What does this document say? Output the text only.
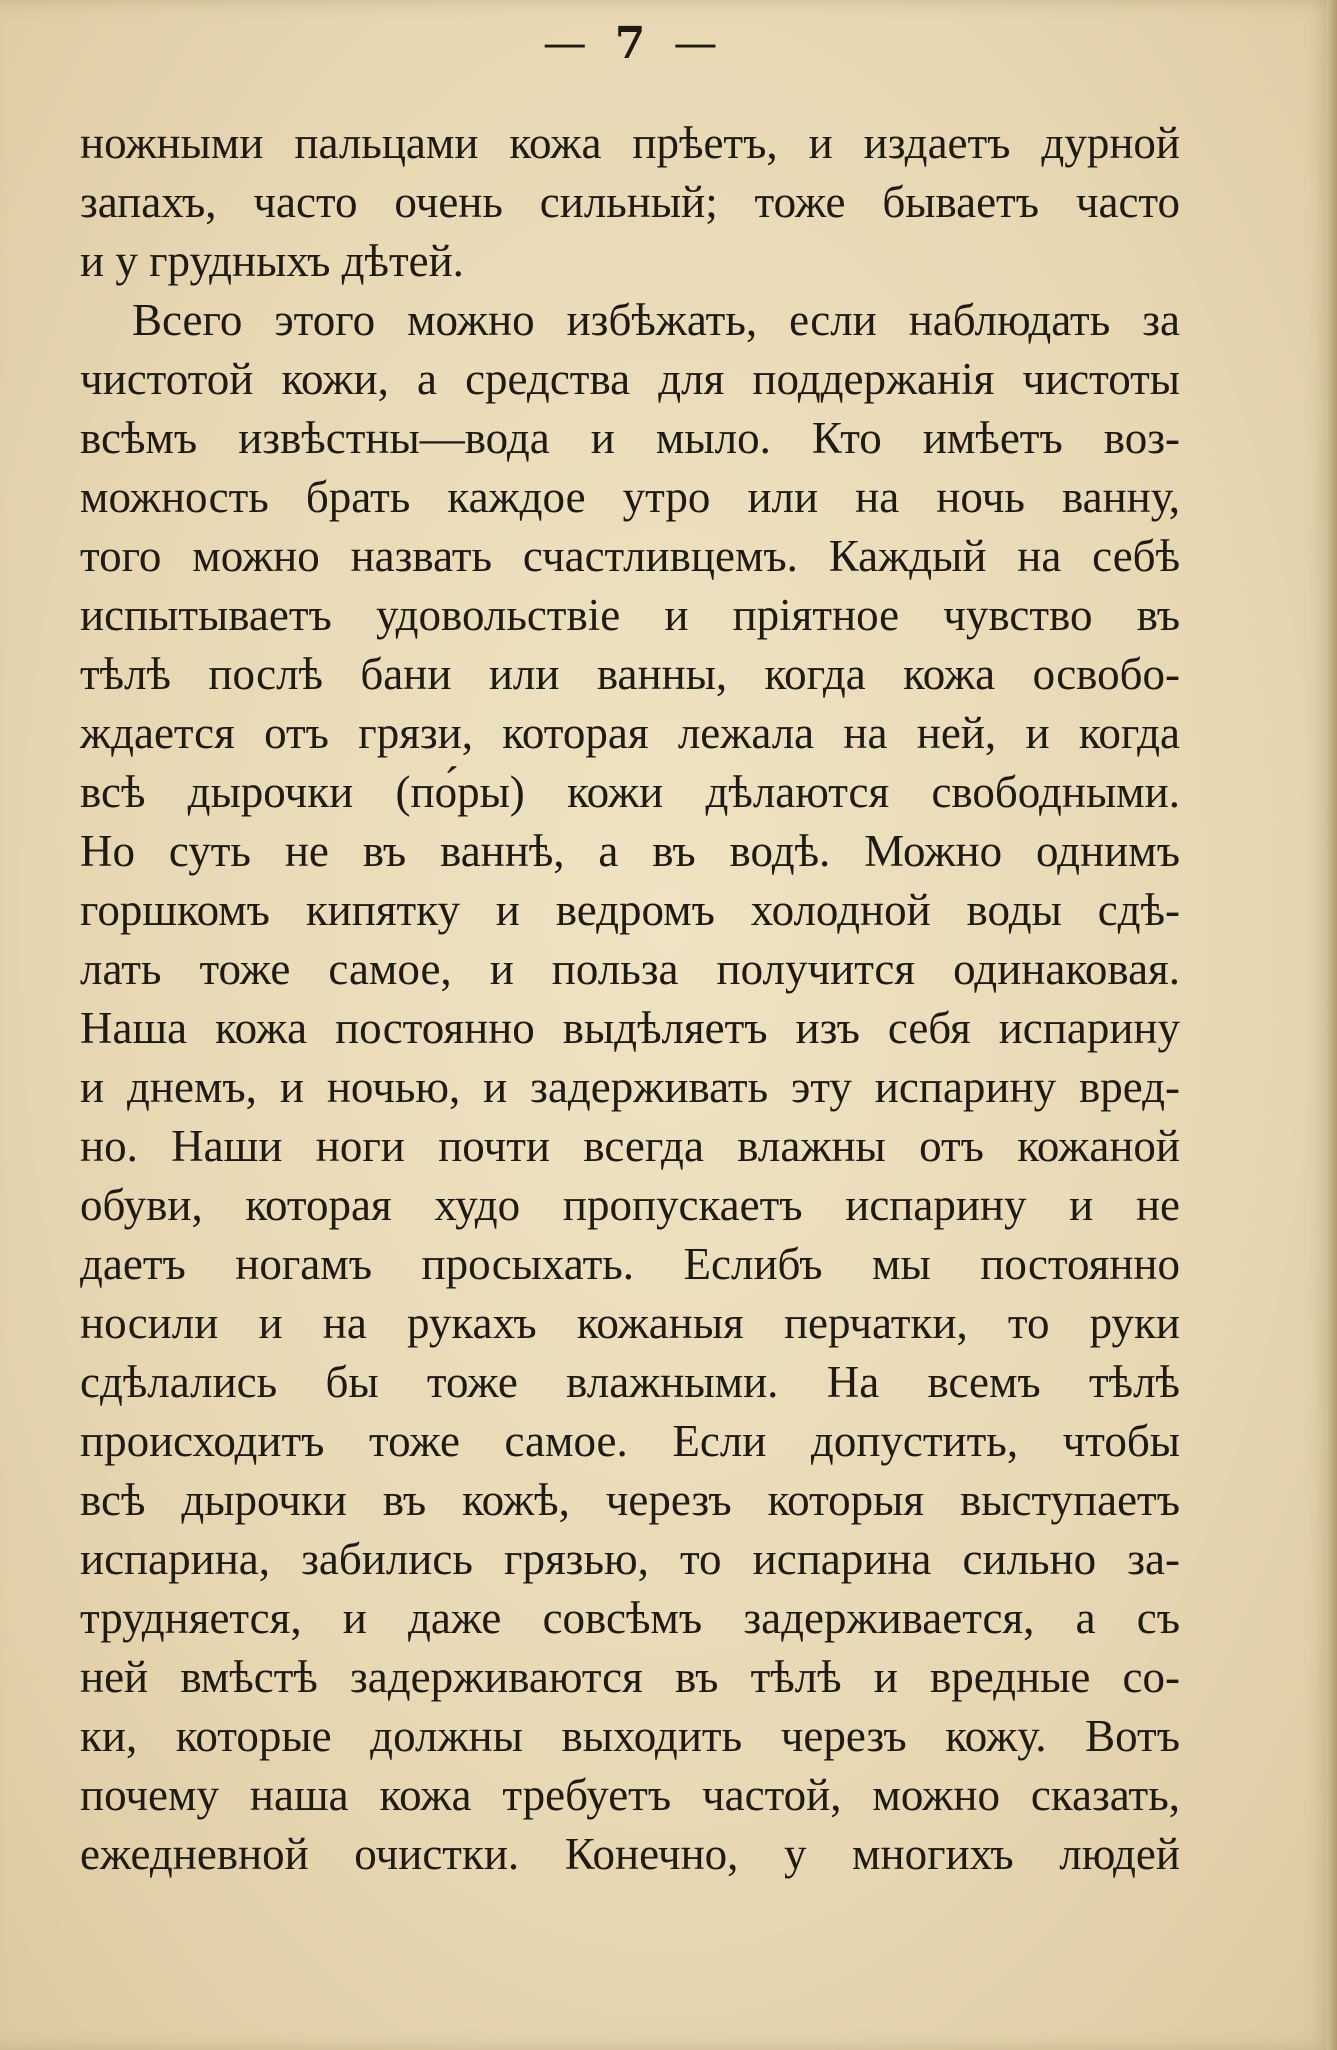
— 7 —
ножными пальцами кожа прѣетъ, и издаетъ дурной
запахъ, часто очень сильный; тоже бываетъ часто
и у грудныхъ дѣтей.
Всего этого можно избѣжать, если наблюдать за
чистотой кожи, а средства для поддержанія чистоты
всѣмъ извѣстны—вода и мыло. Кто имѣетъ воз-
можность брать каждое утро или на ночь ванну,
того можно назвать счастливцемъ. Каждый на себѣ
испытываетъ удовольствіе и пріятное чувство въ
тѣлѣ послѣ бани или ванны, когда кожа освобо-
ждается отъ грязи, которая лежала на ней, и когда
всѣ дырочки (по́ры) кожи дѣлаются свободными.
Но суть не въ ваннѣ, а въ водѣ. Можно однимъ
горшкомъ кипятку и ведромъ холодной воды сдѣ-
лать тоже самое, и польза получится одинаковая.
Наша кожа постоянно выдѣляетъ изъ себя испарину
и днемъ, и ночью, и задерживать эту испарину вред-
но. Наши ноги почти всегда влажны отъ кожаной
обуви, которая худо пропускаетъ испарину и не
даетъ ногамъ просыхать. Еслибъ мы постоянно
носили и на рукахъ кожаныя перчатки, то руки
сдѣлались бы тоже влажными. На всемъ тѣлѣ
происходитъ тоже самое. Если допустить, чтобы
всѣ дырочки въ кожѣ, черезъ которыя выступаетъ
испарина, забились грязью, то испарина сильно за-
трудняется, и даже совсѣмъ задерживается, а съ
ней вмѣстѣ задерживаются въ тѣлѣ и вредные со-
ки, которые должны выходить черезъ кожу. Вотъ
почему наша кожа требуетъ частой, можно сказать,
ежедневной очистки. Конечно, у многихъ людей
